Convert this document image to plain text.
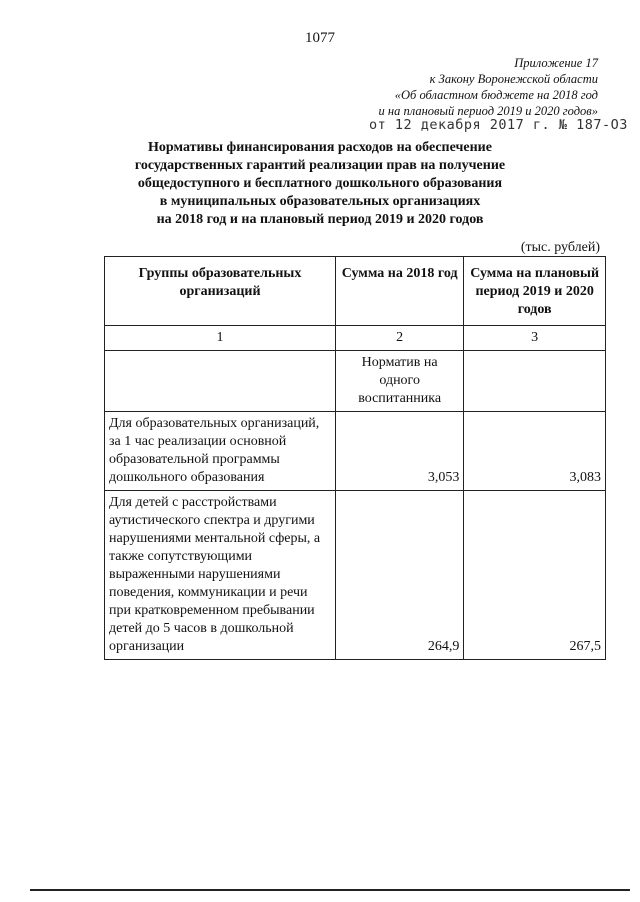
1077
Приложение 17
к Закону Воронежской области
«Об областном бюджете на 2018 год
и на плановый период 2019 и 2020 годов»
от 12 декабря 2017 г. № 187-ОЗ
Нормативы финансирования расходов на обеспечение
государственных гарантий реализации прав на получение
общедоступного и бесплатного дошкольного образования
в муниципальных образовательных организациях
на 2018 год и на плановый период 2019 и 2020 годов
(тыс. рублей)
Группы образовательных организаций	Сумма на 2018 год	Сумма на плановый период 2019 и 2020 годов
1	2	3
	Норматив на одного воспитанника	
Для образовательных организаций, за 1 час реализации основной образовательной программы дошкольного образования	3,053	3,083
Для детей с расстройствами аутистического спектра и другими нарушениями ментальной сферы, а также сопутствующими выраженными нарушениями поведения, коммуникации и речи при кратковременном пребывании детей до 5 часов в дошкольной организации	264,9	267,5
